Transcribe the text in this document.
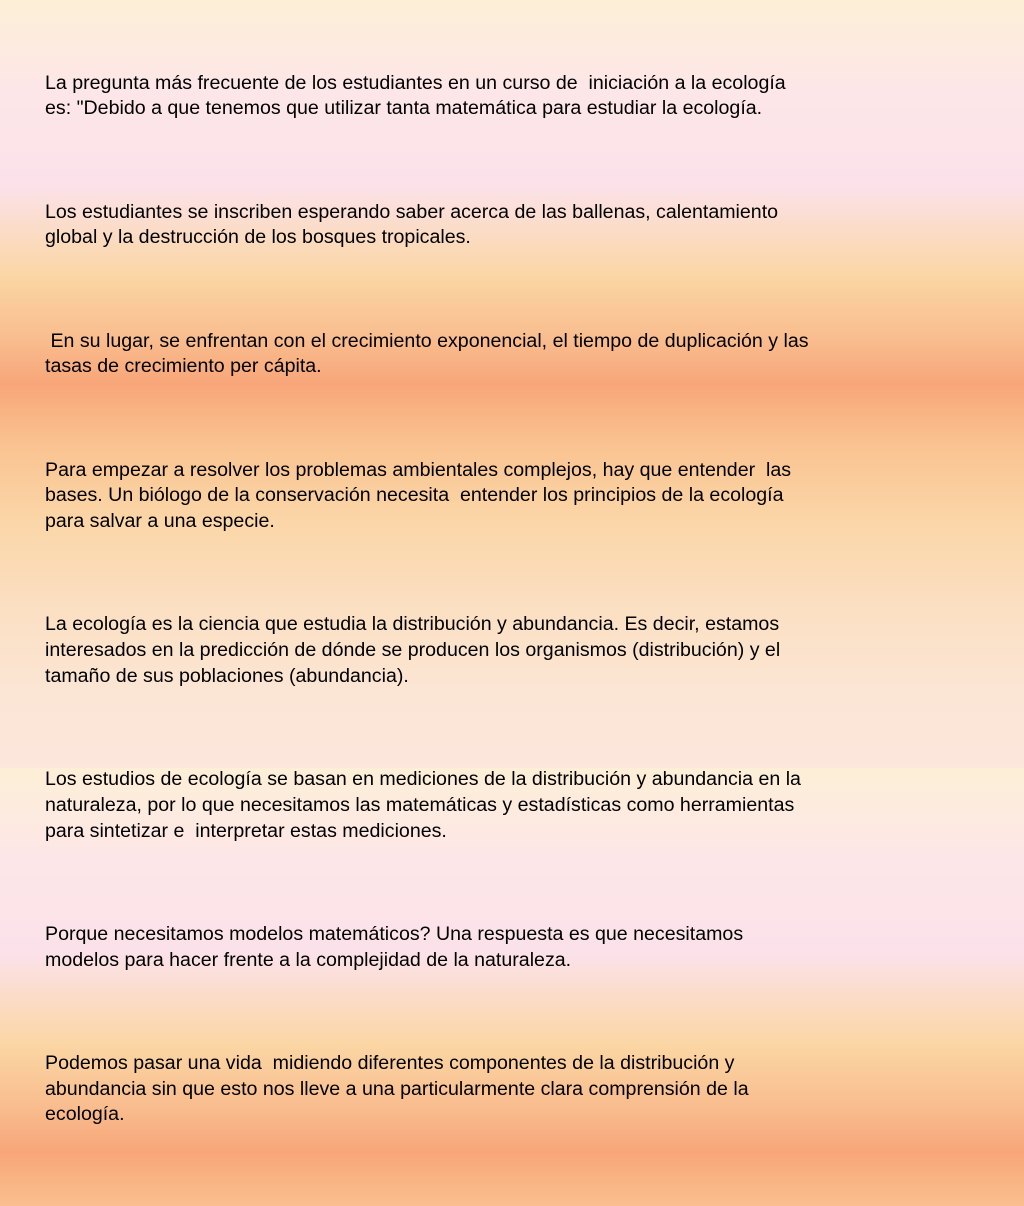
La pregunta más frecuente de los estudiantes en un curso de  iniciación a la ecología
es: "Debido a que tenemos que utilizar tanta matemática para estudiar la ecología.

Los estudiantes se inscriben esperando saber acerca de las ballenas, calentamiento
global y la destrucción de los bosques tropicales.

En su lugar, se enfrentan con el crecimiento exponencial, el tiempo de duplicación y las
tasas de crecimiento per cápita.

Para empezar a resolver los problemas ambientales complejos, hay que entender  las
bases. Un biólogo de la conservación necesita  entender los principios de la ecología
para salvar a una especie.

La ecología es la ciencia que estudia la distribución y abundancia. Es decir, estamos
interesados en la predicción de dónde se producen los organismos (distribución) y el
tamaño de sus poblaciones (abundancia).

Los estudios de ecología se basan en mediciones de la distribución y abundancia en la
naturaleza, por lo que necesitamos las matemáticas y estadísticas como herramientas
para sintetizar e  interpretar estas mediciones.

Porque necesitamos modelos matemáticos? Una respuesta es que necesitamos
modelos para hacer frente a la complejidad de la naturaleza.

Podemos pasar una vida  midiendo diferentes componentes de la distribución y
abundancia sin que esto nos lleve a una particularmente clara comprensión de la
ecología.
